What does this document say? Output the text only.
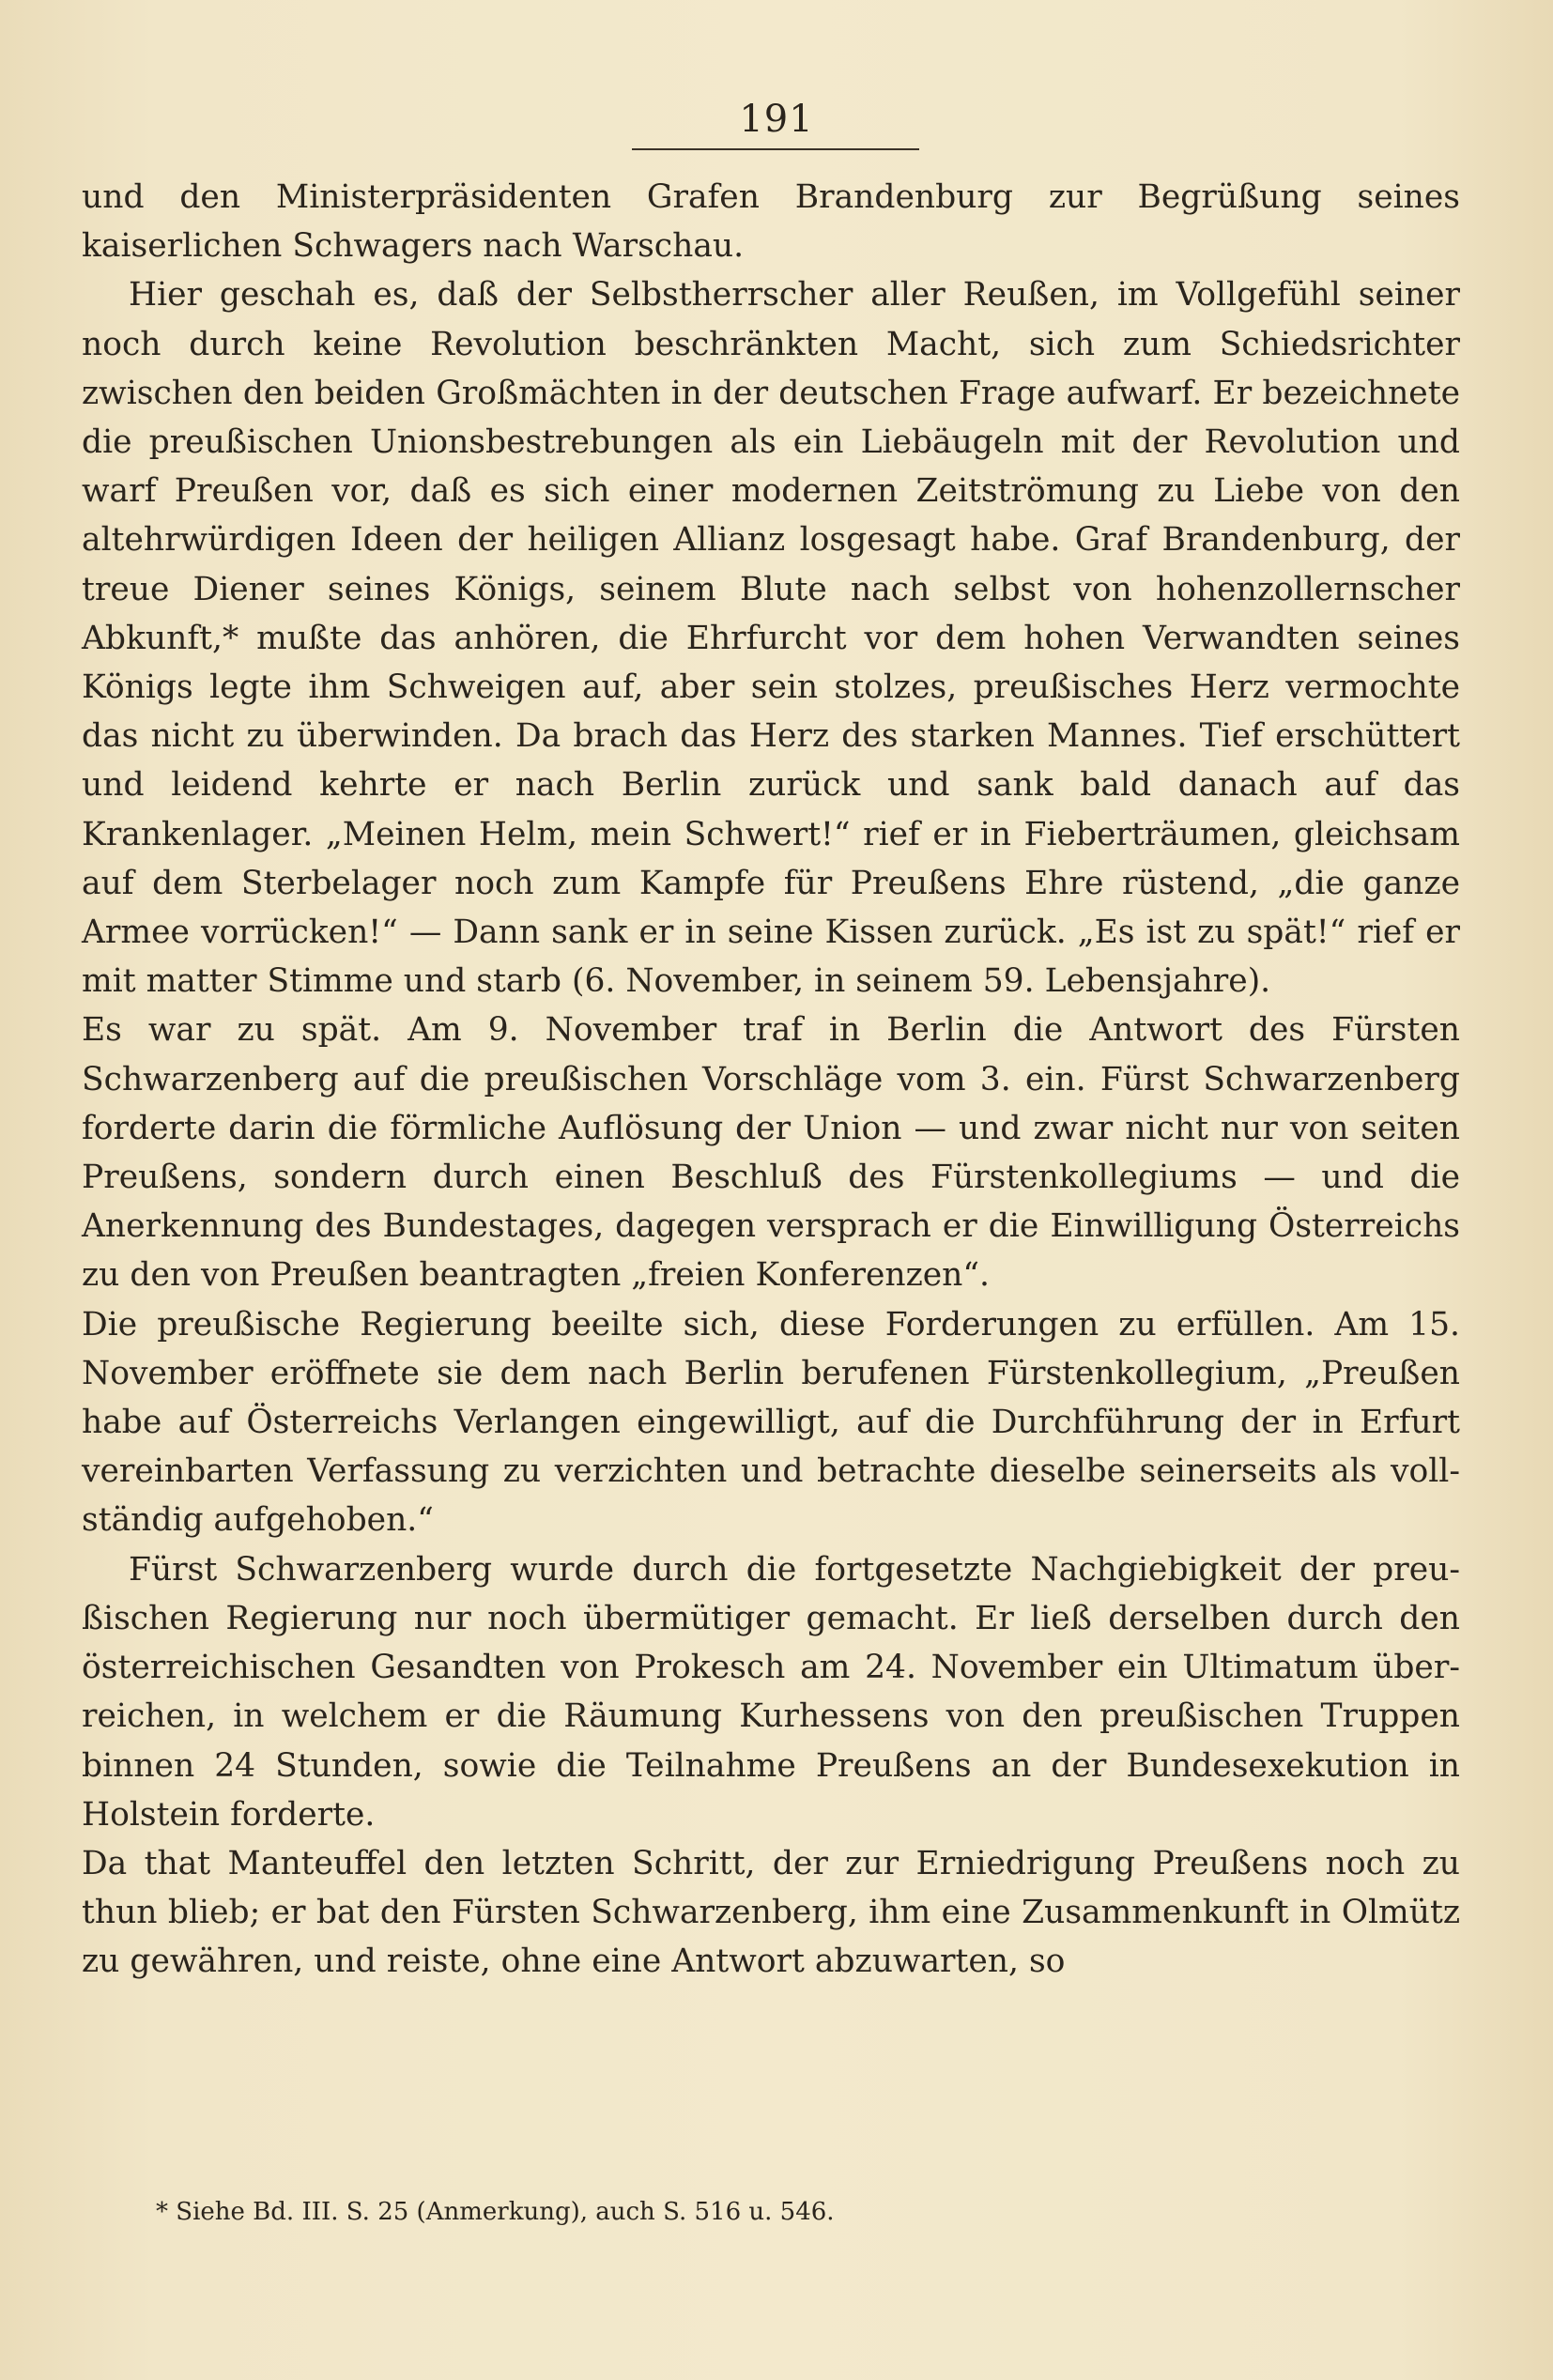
191

und den Ministerpräsidenten Grafen Brandenburg zur Begrüßung seines kaiserlichen Schwagers nach Warschau.

Hier geschah es, daß der Selbstherrscher aller Reußen, im Vollgefühl seiner noch durch keine Revolution beschränkten Macht, sich zum Schiedsrichter zwischen den beiden Großmächten in der deutschen Frage aufwarf. Er bezeichnete die preußischen Unionsbestrebungen als ein Liebäugeln mit der Revolution und warf Preußen vor, daß es sich einer modernen Zeitströmung zu Liebe von den altehrwürdigen Ideen der heiligen Allianz losgesagt habe. Graf Brandenburg, der treue Diener seines Königs, seinem Blute nach selbst von hohenzollernscher Abkunft,* mußte das anhören, die Ehrfurcht vor dem hohen Verwandten seines Königs legte ihm Schweigen auf, aber sein stolzes, preußisches Herz vermochte das nicht zu überwinden. Da brach das Herz des starken Mannes. Tief erschüttert und leidend kehrte er nach Berlin zurück und sank bald danach auf das Krankenlager. „Meinen Helm, mein Schwert!“ rief er in Fieberträumen, gleichsam auf dem Sterbelager noch zum Kampfe für Preußens Ehre rüstend, „die ganze Armee vorrücken!“ — Dann sank er in seine Kissen zurück. „Es ist zu spät!“ rief er mit matter Stimme und starb (6. November, in seinem 59. Lebensjahre).

Es war zu spät. Am 9. November traf in Berlin die Antwort des Fürsten Schwarzenberg auf die preußischen Vorschläge vom 3. ein. Fürst Schwarzenberg forderte darin die förmliche Auflösung der Union — und zwar nicht nur von seiten Preußens, sondern durch einen Beschluß des Fürstenkollegiums — und die Anerkennung des Bundestages, dagegen versprach er die Einwilligung Österreichs zu den von Preußen beantragten „freien Konferenzen“.

Die preußische Regierung beeilte sich, diese Forderungen zu erfüllen. Am 15. November eröffnete sie dem nach Berlin berufenen Fürstenkollegium, „Preußen habe auf Österreichs Verlangen eingewilligt, auf die Durchführung der in Erfurt vereinbarten Verfassung zu verzichten und betrachte dieselbe seinerseits als vollständig aufgehoben.“

Fürst Schwarzenberg wurde durch die fortgesetzte Nachgiebigkeit der preußischen Regierung nur noch übermütiger gemacht. Er ließ derselben durch den österreichischen Gesandten von Prokesch am 24. November ein Ultimatum überreichen, in welchem er die Räumung Kurhessens von den preußischen Truppen binnen 24 Stunden, sowie die Teilnahme Preußens an der Bundesexekution in Holstein forderte.

Da that Manteuffel den letzten Schritt, der zur Erniedrigung Preußens noch zu thun blieb; er bat den Fürsten Schwarzenberg, ihm eine Zusammenkunft in Olmütz zu gewähren, und reiste, ohne eine Antwort abzuwarten, so

* Siehe Bd. III. S. 25 (Anmerkung), auch S. 516 u. 546.
